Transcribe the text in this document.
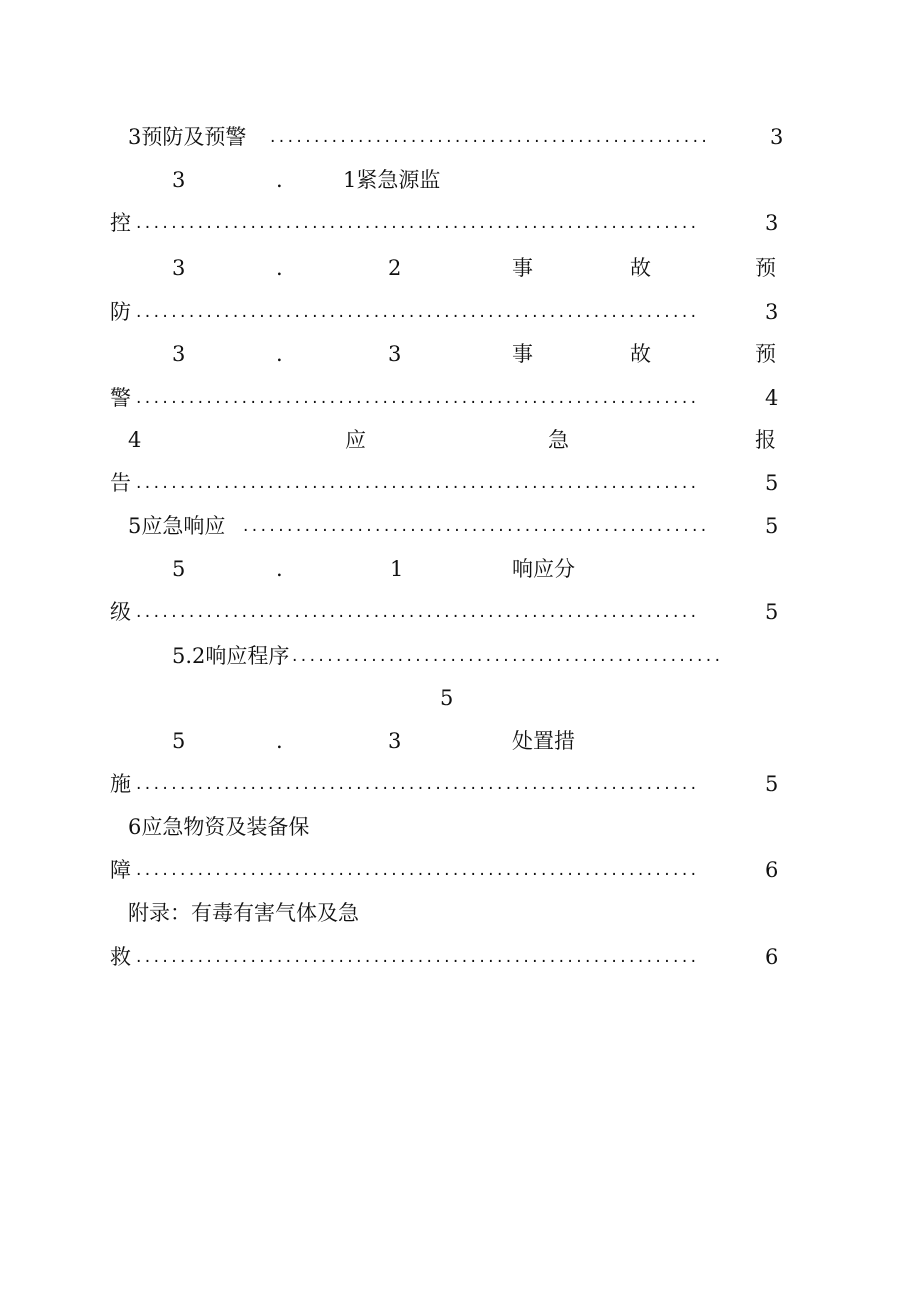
3预防及预警 ..................................................	3
3	.	1紧急源监
控 ................................................................	3
3	.	2	事	故	预
防 ................................................................	3
3	.	3	事	故	预
警 ................................................................	4
4	应	急	报
告 ................................................................	5
5应急响应 .....................................................	5
5	.	1	响应分
级 ................................................................	5
5.2响应程序 .................................................
5
5	.	3	处置措
施 ................................................................	5
6应急物资及装备保
障 ................................................................	6
附录：有毒有害气体及急
救 ................................................................	6
